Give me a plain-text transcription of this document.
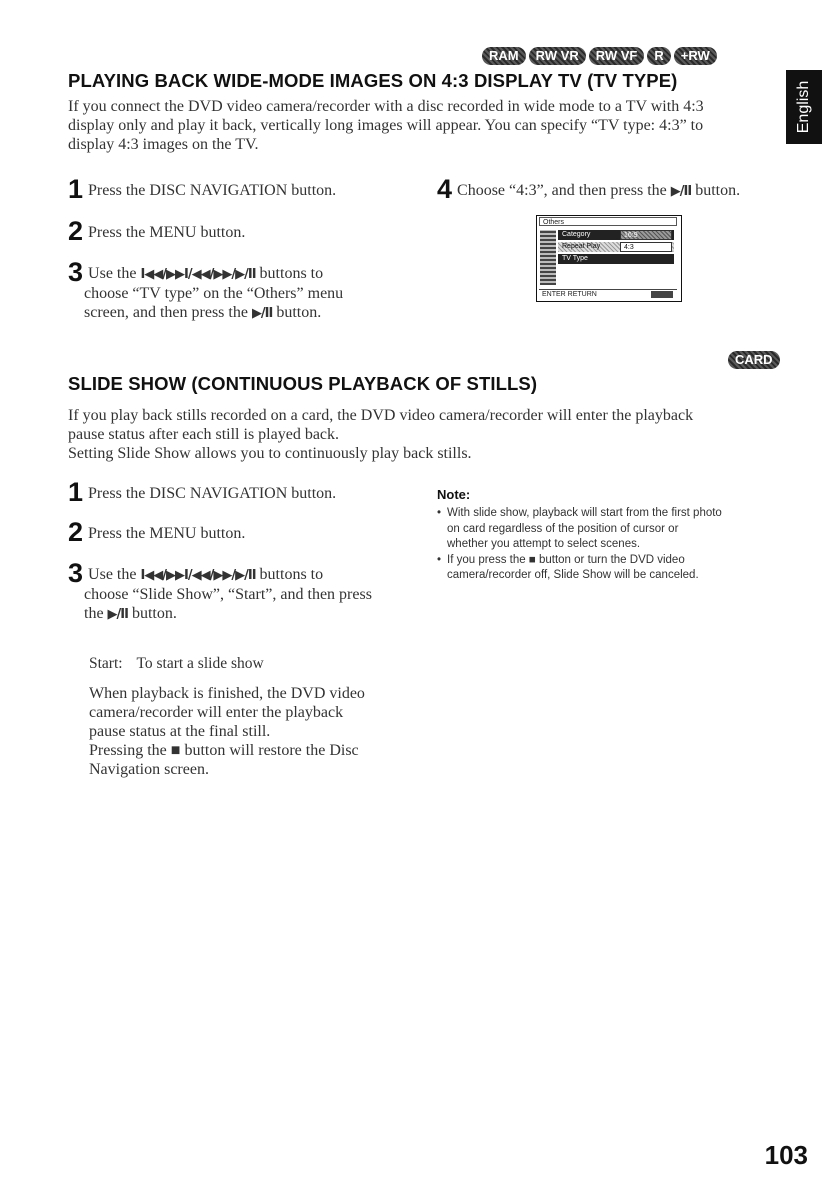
English
RAM	RW VR	RW VF	R	+RW
PLAYING BACK WIDE-MODE IMAGES ON 4:3 DISPLAY TV (TV TYPE)

If you connect the DVD video camera/recorder with a disc recorded in wide mode to a TV with 4:3

display only and play it back, vertically long images will appear. You can specify “TV type: 4:3” to

display 4:3 images on the TV.

1 Press the DISC NAVIGATION button.
2 Press the MENU button.
3 Use the I◀◀/▶▶I/◀◀/▶▶/▶/II buttons to
choose “TV type” on the “Others” menu
screen, and then press the ▶/II button.
4 Choose “4:3”, and then press the ▶/II button.
Others
Category	16:9
Repeat Play	4:3
TV Type
ENTER RETURN
CARD
SLIDE SHOW (CONTINUOUS PLAYBACK OF STILLS)

If you play back stills recorded on a card, the DVD video camera/recorder will enter the playback

pause status after each still is played back.

Setting Slide Show allows you to continuously play back stills.

1 Press the DISC NAVIGATION button.
2 Press the MENU button.
3 Use the I◀◀/▶▶I/◀◀/▶▶/▶/II buttons to
choose “Slide Show”, “Start”, and then press
the ▶/II button.
Note:
• With slide show, playback will start from the first photo
on card regardless of the position of cursor or
whether you attempt to select scenes.
• If you press the ■ button or turn the DVD video
camera/recorder off, Slide Show will be canceled.
Start: To start a slide show

When playback is finished, the DVD video

camera/recorder will enter the playback

pause status at the final still.

Pressing the ■ button will restore the Disc

Navigation screen.

103
